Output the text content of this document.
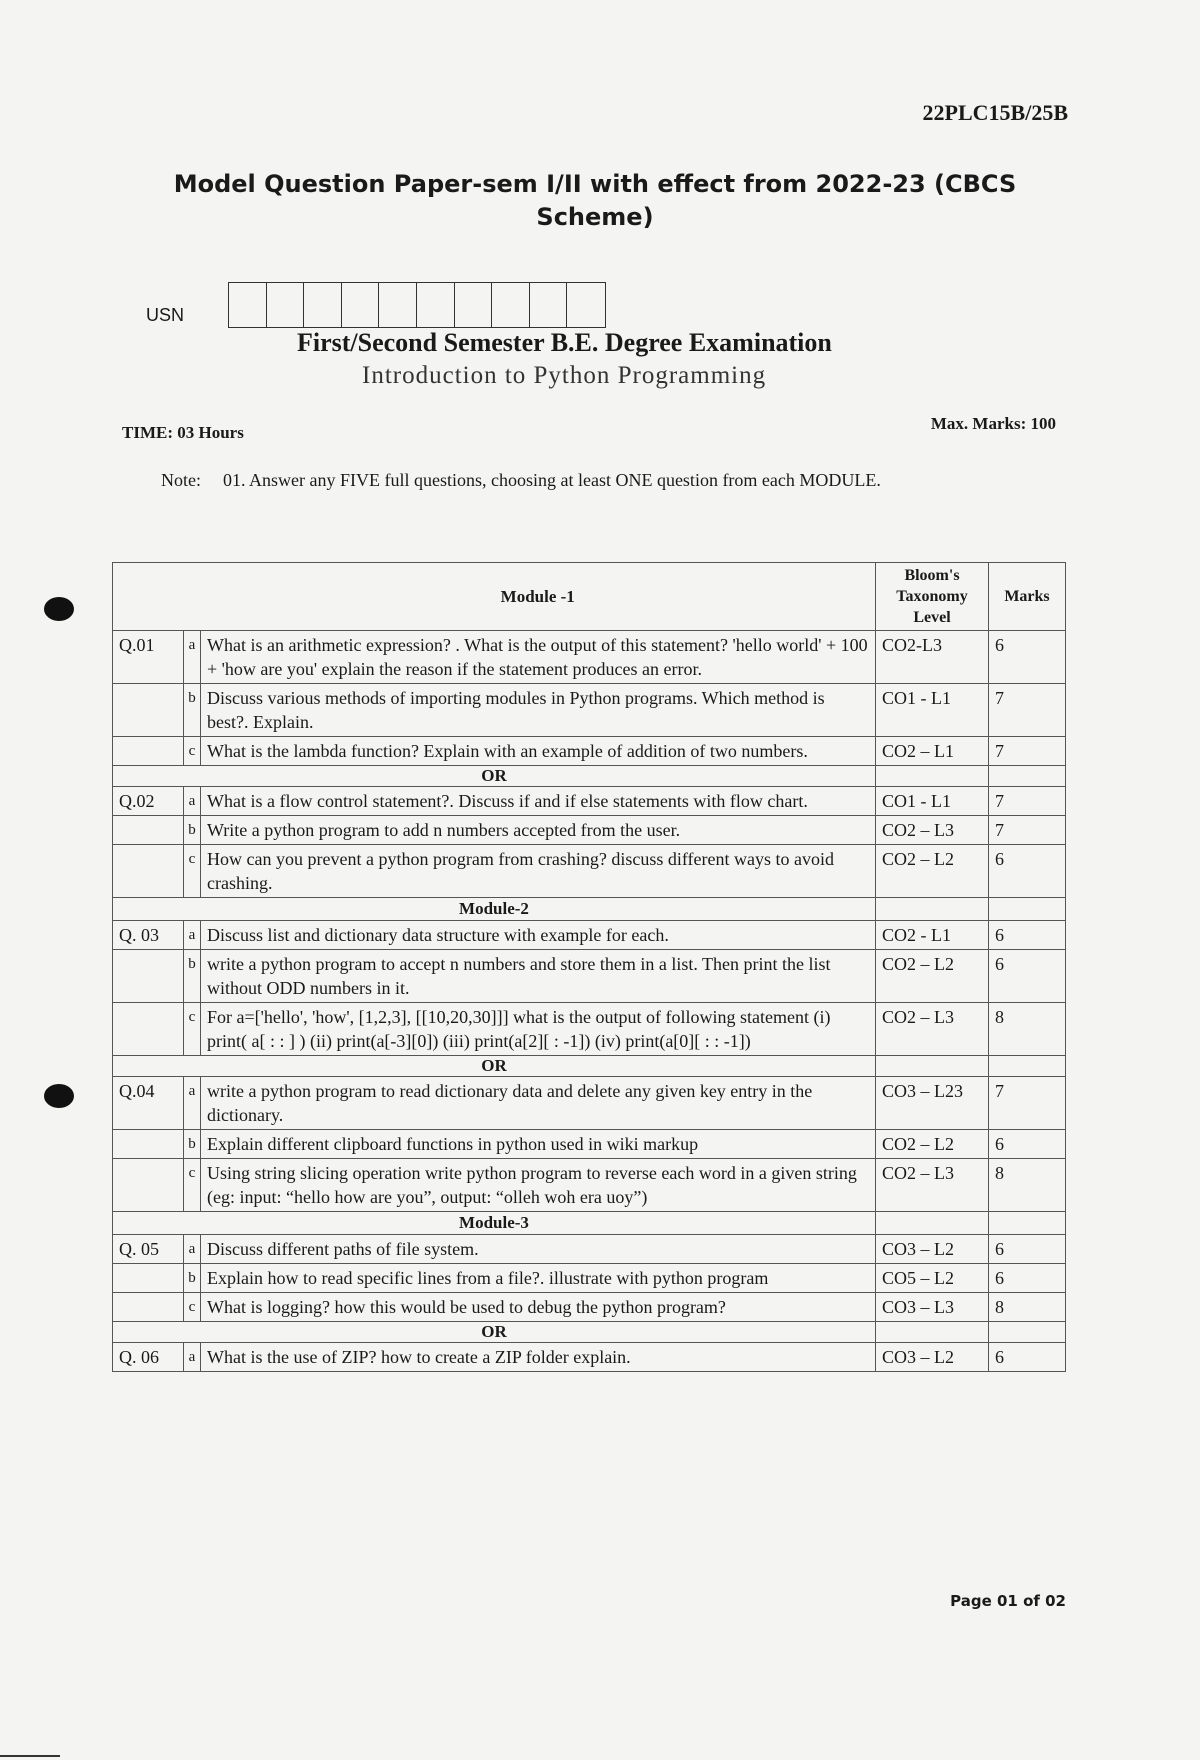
22PLC15B/25B
Model Question Paper-sem I/II with effect from 2022-23 (CBCS
Scheme)
USN
First/Second Semester B.E. Degree Examination
Introduction to Python Programming
TIME: 03 Hours	Max. Marks: 100
Note: 01. Answer any FIVE full questions, choosing at least ONE question from each MODULE.
		Module -1	Bloom's Taxonomy Level	Marks
Q.01	a	What is an arithmetic expression? . What is the output of this statement? 'hello world' + 100 + 'how are you' explain the reason if the statement produces an error.	CO2-L3	6
	b	Discuss various methods of importing modules in Python programs. Which method is best?. Explain.	CO1 - L1	7
	c	What is the lambda function? Explain with an example of addition of two numbers.	CO2 – L1	7
OR				
Q.02	a	What is a flow control statement?. Discuss if and if else statements with flow chart.	CO1 - L1	7
	b	Write a python program to add n numbers accepted from the user.	CO2 – L3	7
	c	How can you prevent a python program from crashing? discuss different ways to avoid crashing.	CO2 – L2	6
Module-2				
Q. 03	a	Discuss list and dictionary data structure with example for each.	CO2 - L1	6
	b	write a python program to accept n numbers and store them in a list. Then print the list without ODD numbers in it.	CO2 – L2	6
	c	For a=['hello', 'how', [1,2,3], [[10,20,30]]] what is the output of following statement (i) print( a[ : : ] ) (ii) print(a[-3][0]) (iii) print(a[2][ : -1]) (iv) print(a[0][ : : -1])	CO2 – L3	8
OR				
Q.04	a	write a python program to read dictionary data and delete any given key entry in the dictionary.	CO3 – L23	7
	b	Explain different clipboard functions in python used in wiki markup	CO2 – L2	6
	c	Using string slicing operation write python program to reverse each word in a given string (eg: input: “hello how are you”, output: “olleh woh era uoy”)	CO2 – L3	8
Module-3				
Q. 05	a	Discuss different paths of file system.	CO3 – L2	6
	b	Explain how to read specific lines from a file?. illustrate with python program	CO5 – L2	6
	c	What is logging? how this would be used to debug the python program?	CO3 – L3	8
OR				
Q. 06	a	What is the use of ZIP? how to create a ZIP folder explain.	CO3 – L2	6
Page 01 of 02
